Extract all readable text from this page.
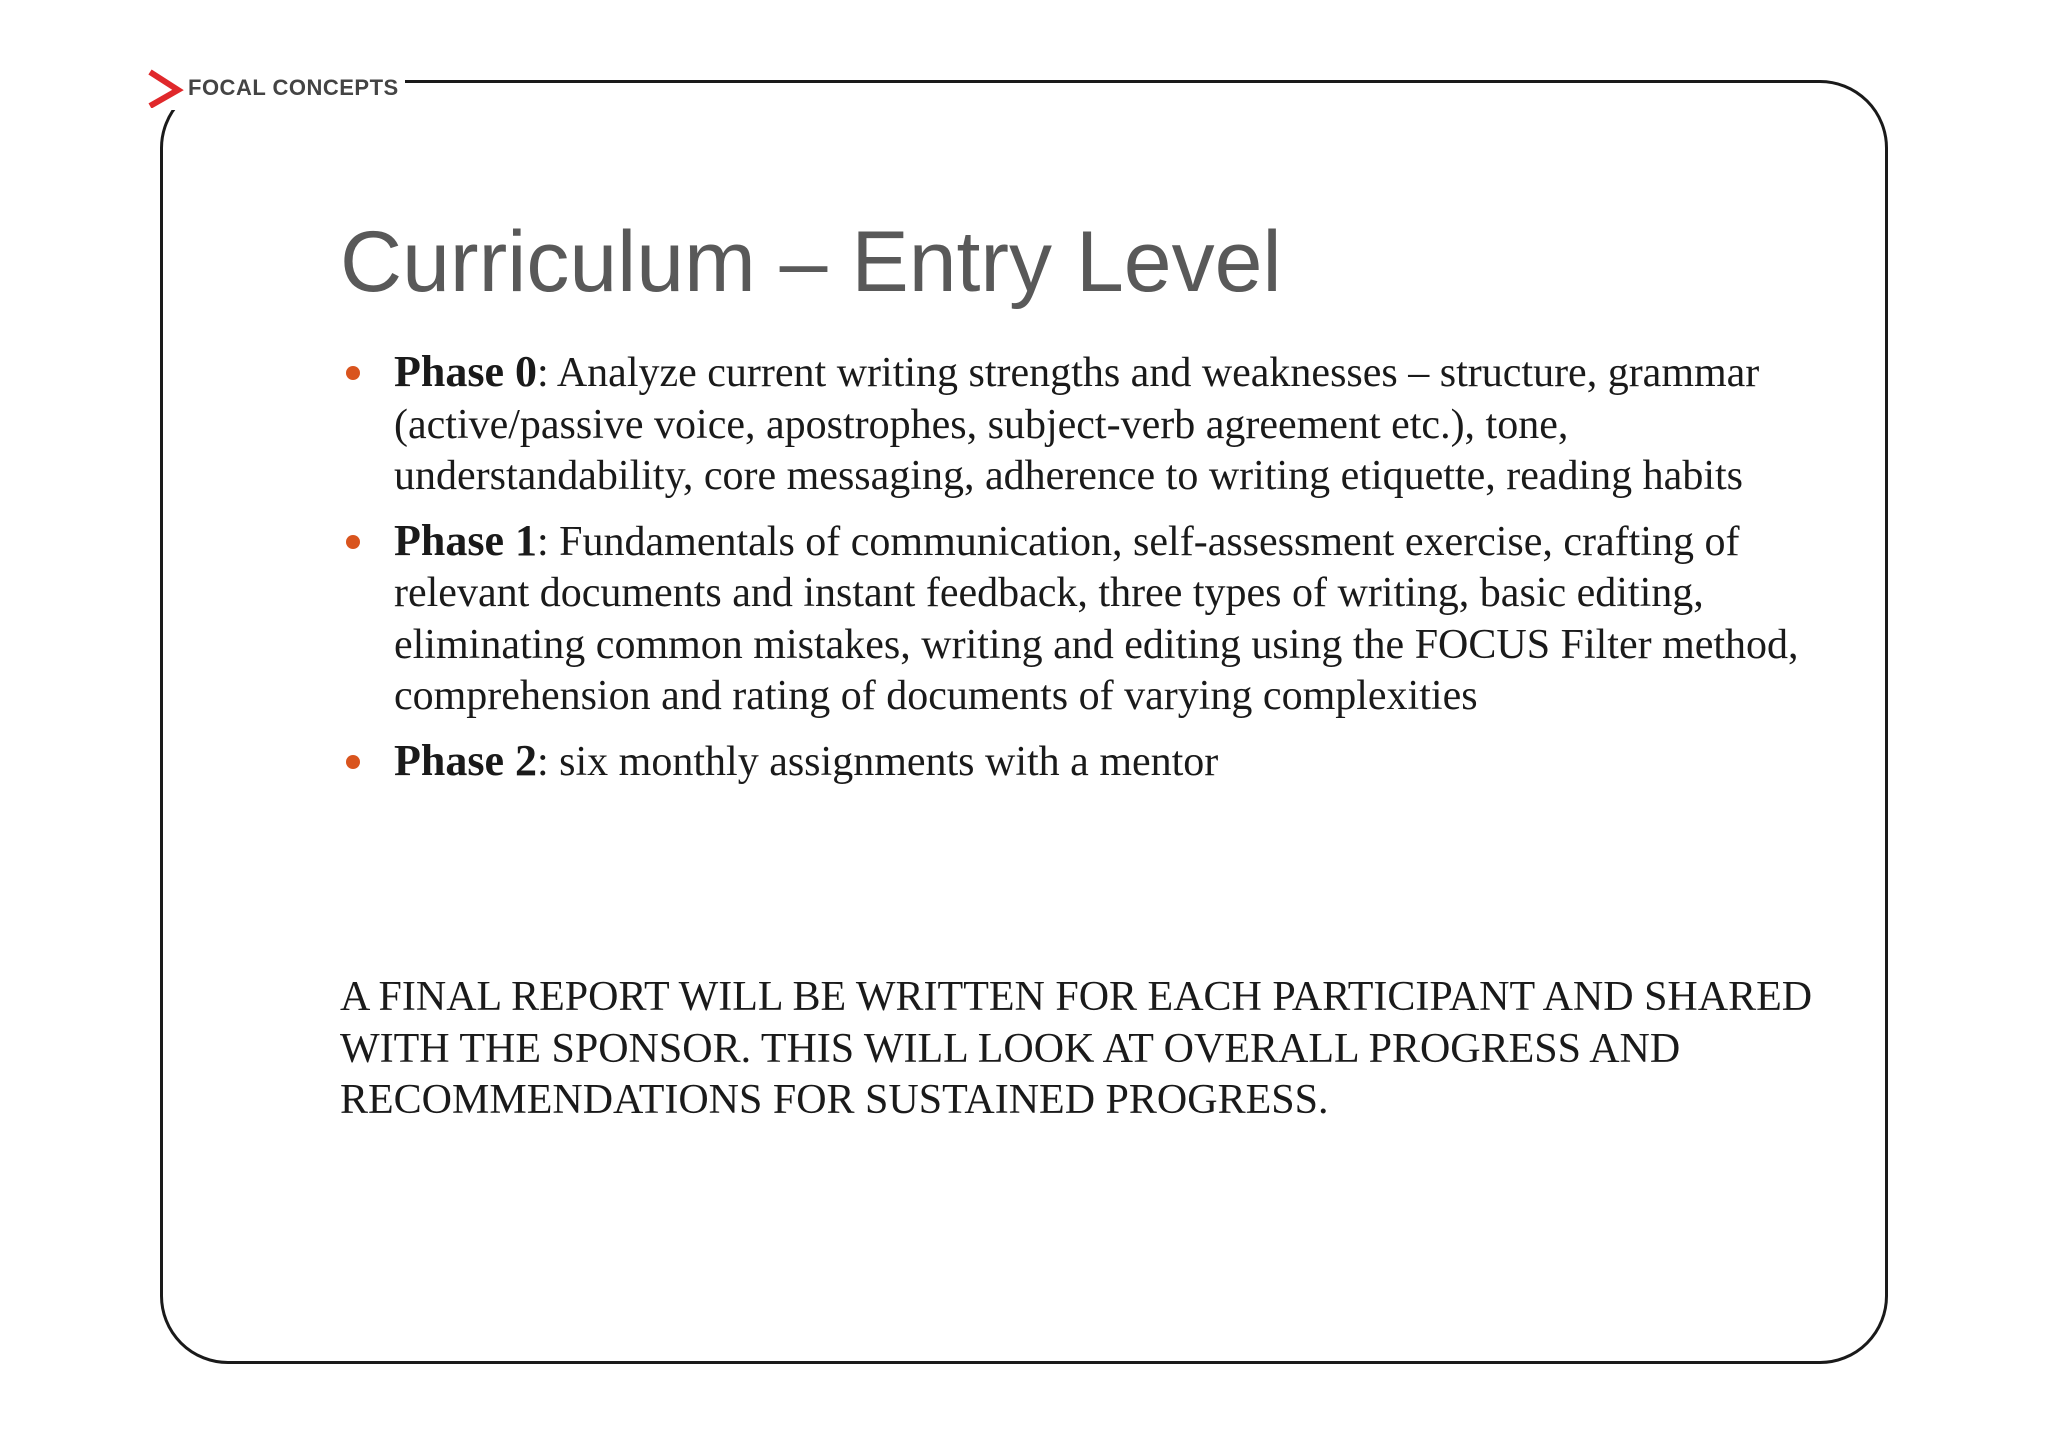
FOCAL CONCEPTS
Curriculum – Entry Level
Phase 0: Analyze current writing strengths and weaknesses – structure, grammar (active/passive voice, apostrophes, subject-verb agreement etc.), tone, understandability, core messaging, adherence to writing etiquette, reading habits
Phase 1: Fundamentals of communication, self-assessment exercise, crafting of relevant documents and instant feedback, three types of writing, basic editing, eliminating common mistakes, writing and editing using the FOCUS Filter method, comprehension and rating of documents of varying complexities
Phase 2: six monthly assignments with a mentor

A FINAL REPORT WILL BE WRITTEN FOR EACH PARTICIPANT AND SHARED WITH THE SPONSOR. THIS WILL LOOK AT OVERALL PROGRESS AND RECOMMENDATIONS FOR SUSTAINED PROGRESS.
